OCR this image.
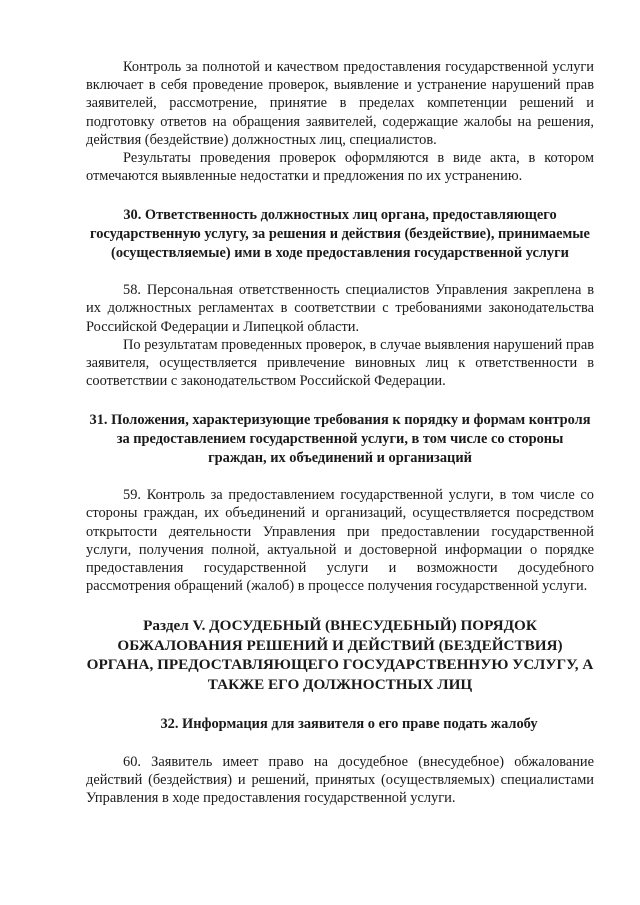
Контроль за полнотой и качеством предоставления государственной услуги включает в себя проведение проверок, выявление и устранение нарушений прав заявителей, рассмотрение, принятие в пределах компетенции решений и подготовку ответов на обращения заявителей, содержащие жалобы на решения, действия (бездействие) должностных лиц, специалистов.

Результаты проведения проверок оформляются в виде акта, в котором отмечаются выявленные недостатки и предложения по их устранению.

30. Ответственность должностных лиц органа, предоставляющего государственную услугу, за решения и действия (бездействие), принимаемые (осуществляемые) ими в ходе предоставления государственной услуги

58. Персональная ответственность специалистов Управления закреплена в их должностных регламентах в соответствии с требованиями законодательства Российской Федерации и Липецкой области.

По результатам проведенных проверок, в случае выявления нарушений прав заявителя, осуществляется привлечение виновных лиц к ответственности в соответствии с законодательством Российской Федерации.

31. Положения, характеризующие требования к порядку и формам контроля за предоставлением государственной услуги, в том числе со стороны граждан, их объединений и организаций

59. Контроль за предоставлением государственной услуги, в том числе со стороны граждан, их объединений и организаций, осуществляется посредством открытости деятельности Управления при предоставлении государственной услуги, получения полной, актуальной и достоверной информации о порядке предоставления государственной услуги и возможности досудебного рассмотрения обращений (жалоб) в процессе получения государственной услуги.

Раздел V. ДОСУДЕБНЫЙ (ВНЕСУДЕБНЫЙ) ПОРЯДОК ОБЖАЛОВАНИЯ РЕШЕНИЙ И ДЕЙСТВИЙ (БЕЗДЕЙСТВИЯ) ОРГАНА, ПРЕДОСТАВЛЯЮЩЕГО ГОСУДАРСТВЕННУЮ УСЛУГУ, А ТАКЖЕ ЕГО ДОЛЖНОСТНЫХ ЛИЦ

32. Информация для заявителя о его праве подать жалобу

60. Заявитель имеет право на досудебное (внесудебное) обжалование действий (бездействия) и решений, принятых (осуществляемых) специалистами Управления в ходе предоставления государственной услуги.
